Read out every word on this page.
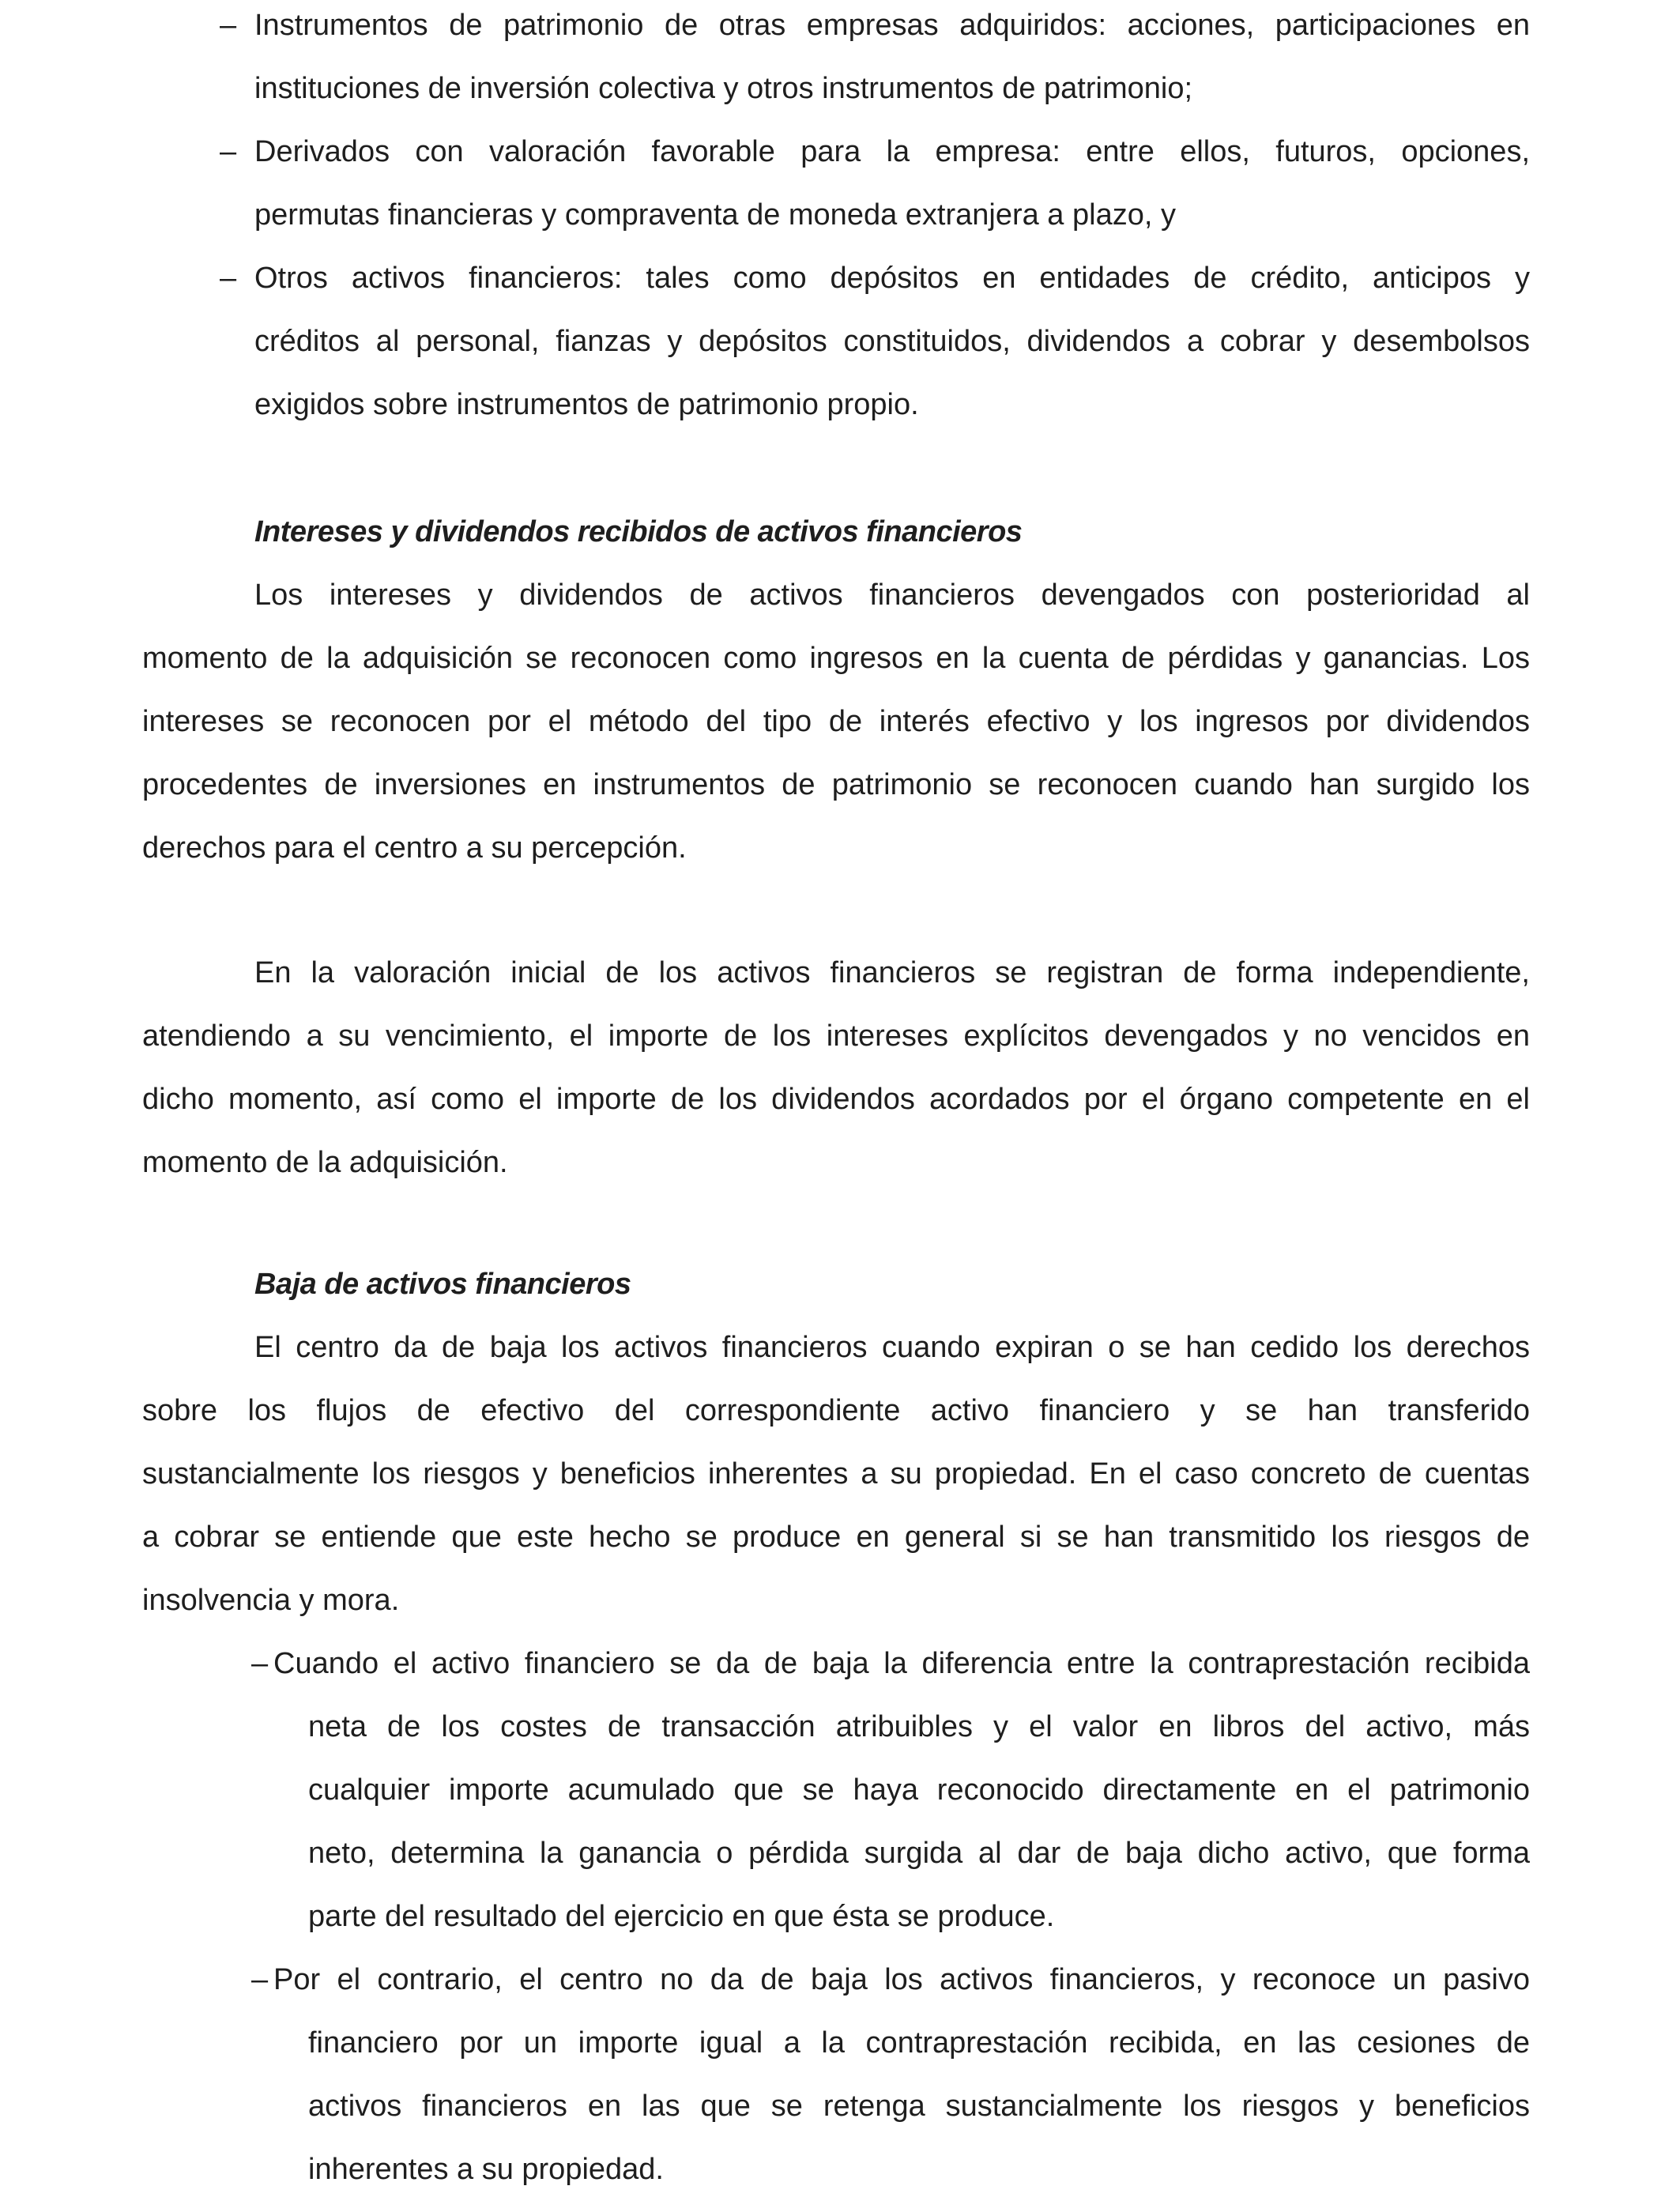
– Instrumentos de patrimonio de otras empresas adquiridos: acciones, participaciones en
instituciones de inversión colectiva y otros instrumentos de patrimonio;
– Derivados con valoración favorable para la empresa: entre ellos, futuros, opciones,
permutas financieras y compraventa de moneda extranjera a plazo, y
– Otros activos financieros: tales como depósitos en entidades de crédito, anticipos y
créditos al personal, fianzas y depósitos constituidos, dividendos a cobrar y desembolsos
exigidos sobre instrumentos de patrimonio propio.
Intereses y dividendos recibidos de activos financieros
Los intereses y dividendos de activos financieros devengados con posterioridad al
momento de la adquisición se reconocen como ingresos en la cuenta de pérdidas y ganancias. Los
intereses se reconocen por el método del tipo de interés efectivo y los ingresos por dividendos
procedentes de inversiones en instrumentos de patrimonio se reconocen cuando han surgido los
derechos para el centro a su percepción.
En la valoración inicial de los activos financieros se registran de forma independiente,
atendiendo a su vencimiento, el importe de los intereses explícitos devengados y no vencidos en
dicho momento, así como el importe de los dividendos acordados por el órgano competente en el
momento de la adquisición.
Baja de activos financieros
El centro da de baja los activos financieros cuando expiran o se han cedido los derechos
sobre los flujos de efectivo del correspondiente activo financiero y se han transferido
sustancialmente los riesgos y beneficios inherentes a su propiedad. En el caso concreto de cuentas
a cobrar se entiende que este hecho se produce en general si se han transmitido los riesgos de
insolvencia y mora.
– Cuando el activo financiero se da de baja la diferencia entre la contraprestación recibida
neta de los costes de transacción atribuibles y el valor en libros del activo, más
cualquier importe acumulado que se haya reconocido directamente en el patrimonio
neto, determina la ganancia o pérdida surgida al dar de baja dicho activo, que forma
parte del resultado del ejercicio en que ésta se produce.
– Por el contrario, el centro no da de baja los activos financieros, y reconoce un pasivo
financiero por un importe igual a la contraprestación recibida, en las cesiones de
activos financieros en las que se retenga sustancialmente los riesgos y beneficios
inherentes a su propiedad.
